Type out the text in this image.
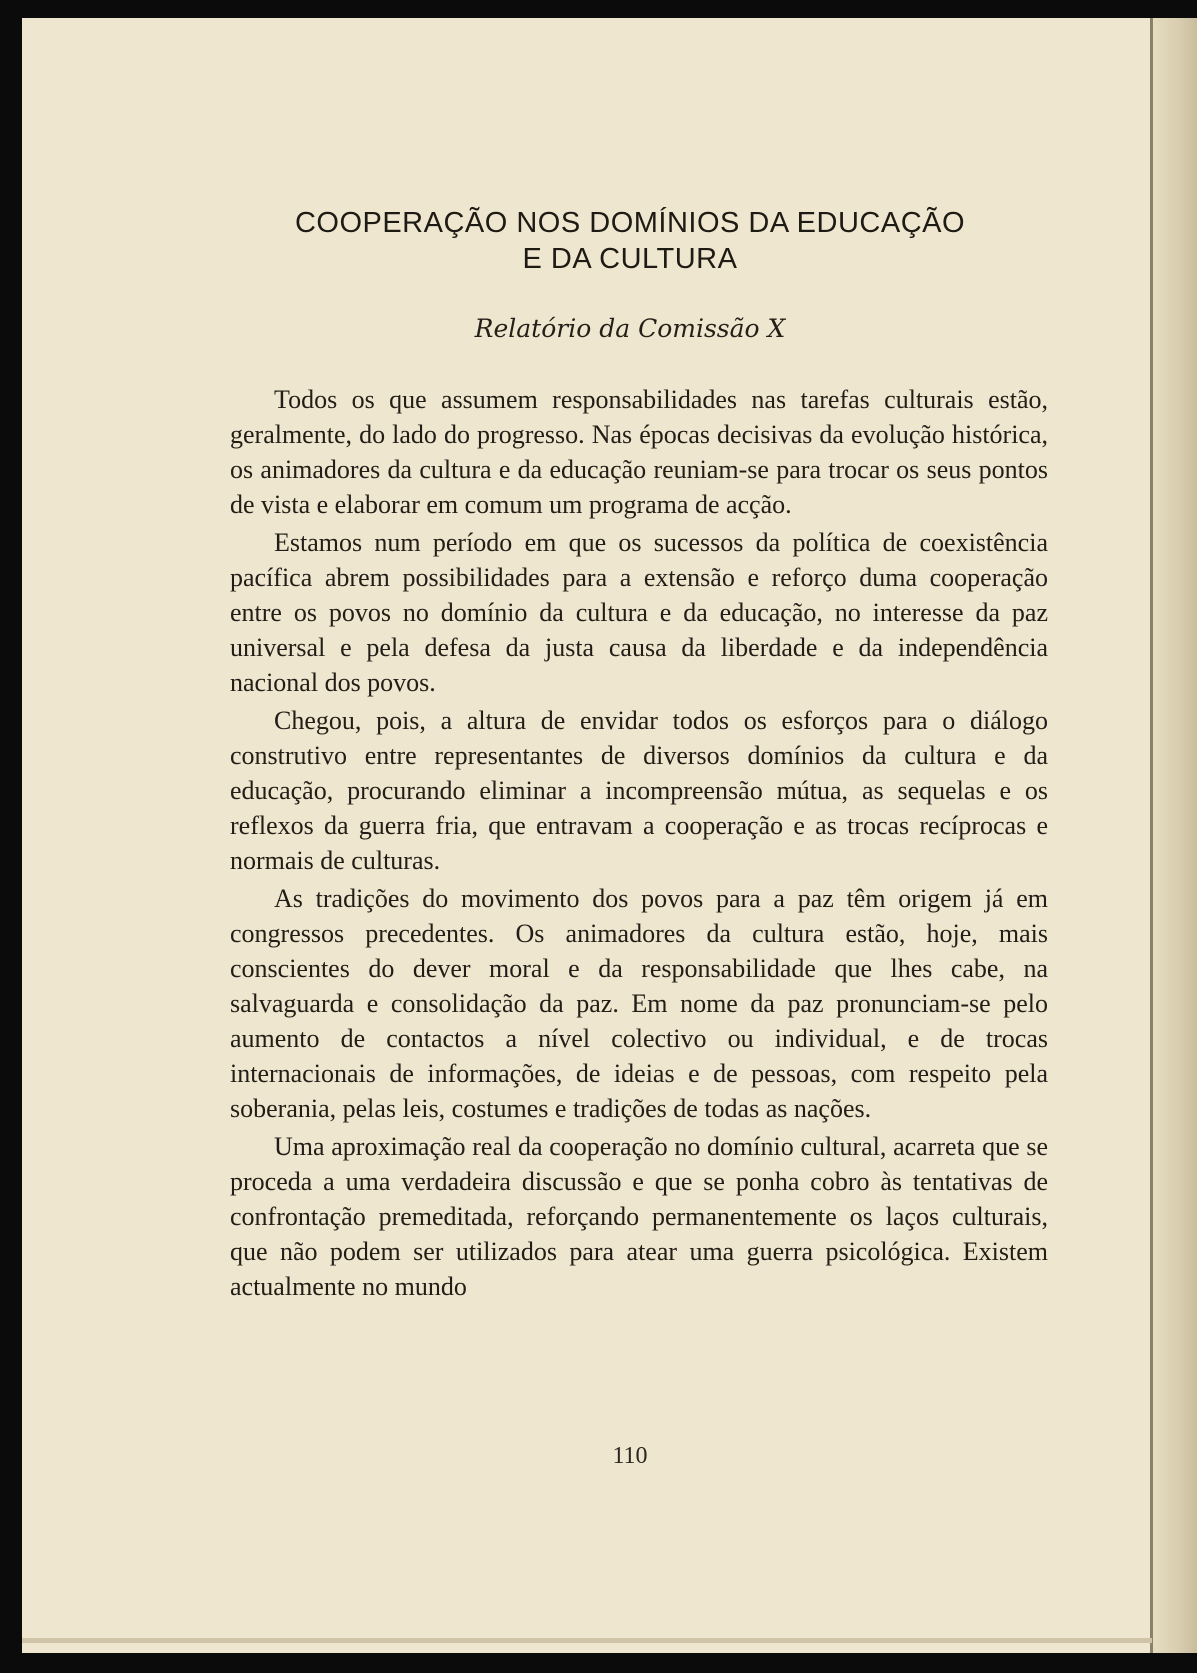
COOPERAÇÃO NOS DOMÍNIOS DA EDUCAÇÃO
E DA CULTURA
Relatório da Comissão X

Todos os que assumem responsabilidades nas tarefas culturais estão, geralmente, do lado do progresso. Nas épocas decisivas da evolução histórica, os animadores da cultura e da educação reuniam-se para trocar os seus pontos de vista e elaborar em comum um programa de acção.

Estamos num período em que os sucessos da política de coexistência pacífica abrem possibilidades para a extensão e reforço duma cooperação entre os povos no domínio da cultura e da educação, no interesse da paz universal e pela defesa da justa causa da liberdade e da independência nacional dos povos.

Chegou, pois, a altura de envidar todos os esforços para o diálogo construtivo entre representantes de diversos domínios da cultura e da educação, procurando eliminar a incompreensão mútua, as sequelas e os reflexos da guerra fria, que entravam a cooperação e as trocas recíprocas e normais de culturas.

As tradições do movimento dos povos para a paz têm origem já em congressos precedentes. Os animadores da cultura estão, hoje, mais conscientes do dever moral e da responsabilidade que lhes cabe, na salvaguarda e consolidação da paz. Em nome da paz pronunciam-se pelo aumento de contactos a nível colectivo ou individual, e de trocas internacionais de informações, de ideias e de pessoas, com respeito pela soberania, pelas leis, costumes e tradições de todas as nações.

Uma aproximação real da cooperação no domínio cultural, acarreta que se proceda a uma verdadeira discussão e que se ponha cobro às tentativas de confrontação premeditada, reforçando permanentemente os laços culturais, que não podem ser utilizados para atear uma guerra psicológica. Existem actualmente no mundo

110
